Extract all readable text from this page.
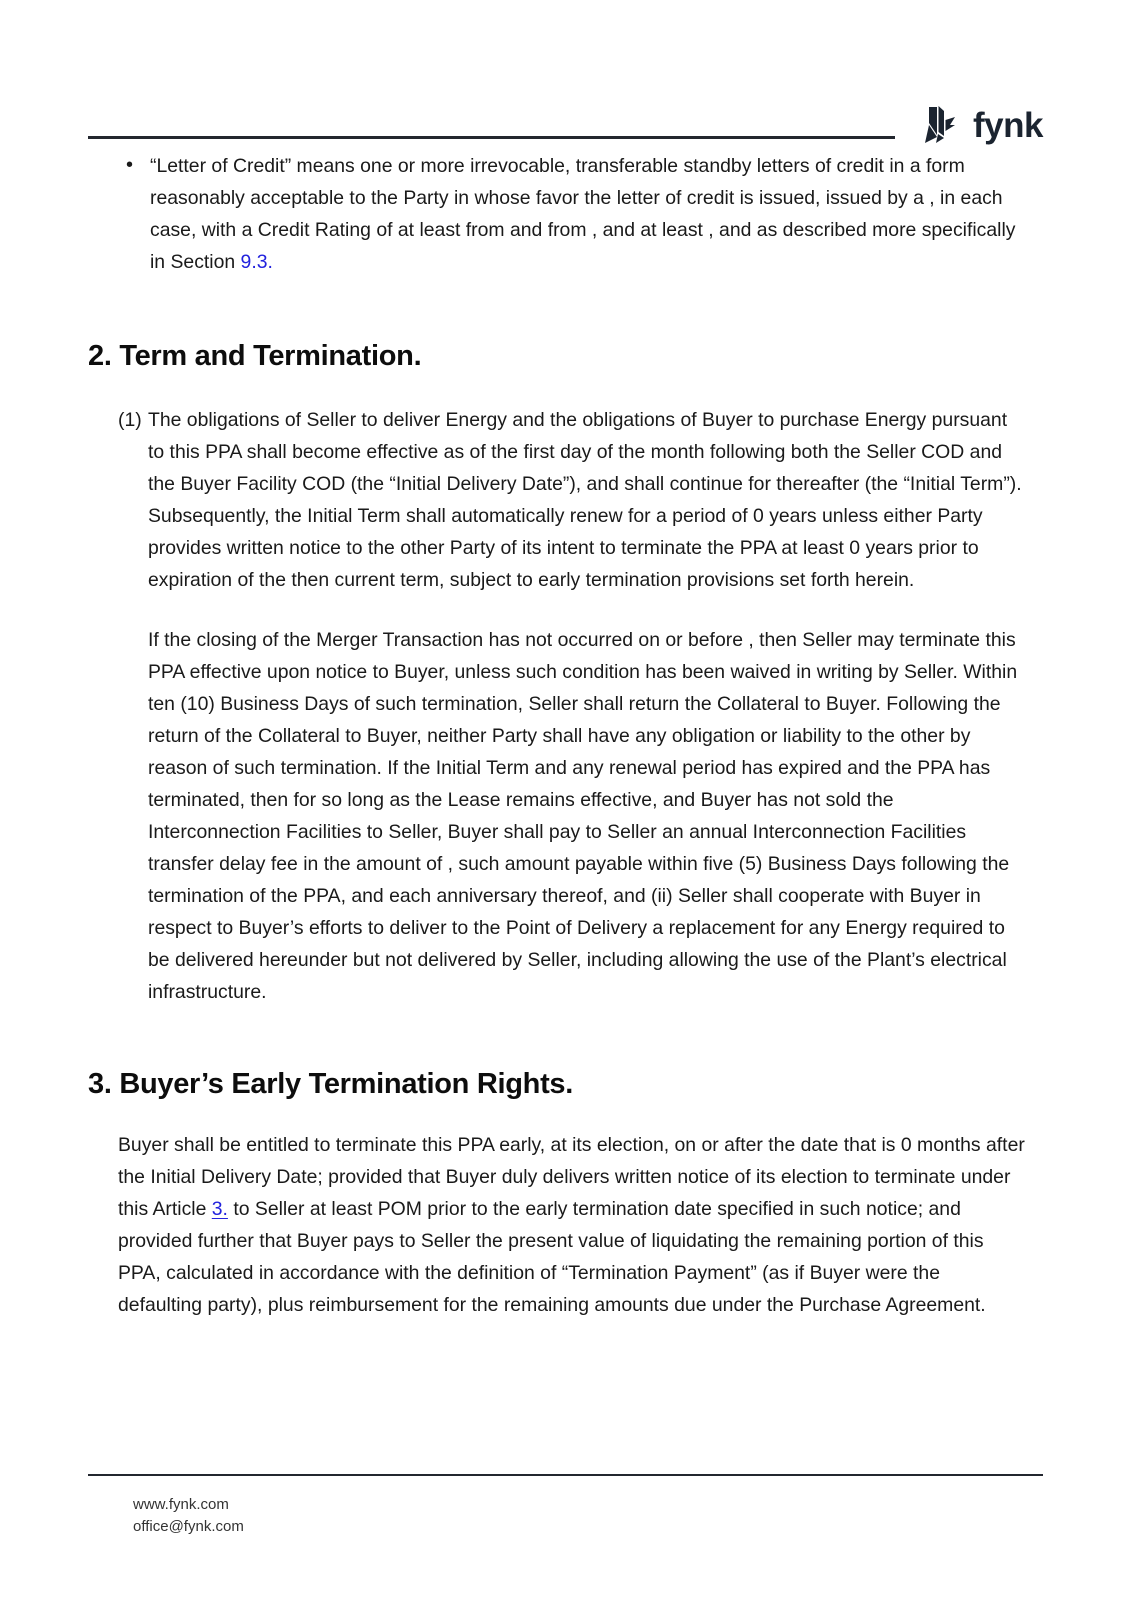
fynk
• “Letter of Credit” means one or more irrevocable, transferable standby letters of credit in a form reasonably acceptable to the Party in whose favor the letter of credit is issued, issued by a , in each case, with a Credit Rating of at least from and from , and at least , and as described more specifically in Section 9.3.
2. Term and Termination.
(1) The obligations of Seller to deliver Energy and the obligations of Buyer to purchase Energy pursuant to this PPA shall become effective as of the first day of the month following both the Seller COD and the Buyer Facility COD (the “Initial Delivery Date”), and shall continue for thereafter (the “Initial Term”). Subsequently, the Initial Term shall automatically renew for a period of 0 years unless either Party provides written notice to the other Party of its intent to terminate the PPA at least 0 years prior to expiration of the then current term, subject to early termination provisions set forth herein.

If the closing of the Merger Transaction has not occurred on or before , then Seller may terminate this PPA effective upon notice to Buyer, unless such condition has been waived in writing by Seller. Within ten (10) Business Days of such termination, Seller shall return the Collateral to Buyer. Following the return of the Collateral to Buyer, neither Party shall have any obligation or liability to the other by reason of such termination. If the Initial Term and any renewal period has expired and the PPA has terminated, then for so long as the Lease remains effective, and Buyer has not sold the Interconnection Facilities to Seller, Buyer shall pay to Seller an annual Interconnection Facilities transfer delay fee in the amount of , such amount payable within five (5) Business Days following the termination of the PPA, and each anniversary thereof, and (ii) Seller shall cooperate with Buyer in respect to Buyer’s efforts to deliver to the Point of Delivery a replacement for any Energy required to be delivered hereunder but not delivered by Seller, including allowing the use of the Plant’s electrical infrastructure.

3. Buyer’s Early Termination Rights.

Buyer shall be entitled to terminate this PPA early, at its election, on or after the date that is 0 months after the Initial Delivery Date; provided that Buyer duly delivers written notice of its election to terminate under this Article 3. to Seller at least POM prior to the early termination date specified in such notice; and provided further that Buyer pays to Seller the present value of liquidating the remaining portion of this PPA, calculated in accordance with the definition of “Termination Payment” (as if Buyer were the defaulting party), plus reimbursement for the remaining amounts due under the Purchase Agreement.

www.fynk.com
office@fynk.com
